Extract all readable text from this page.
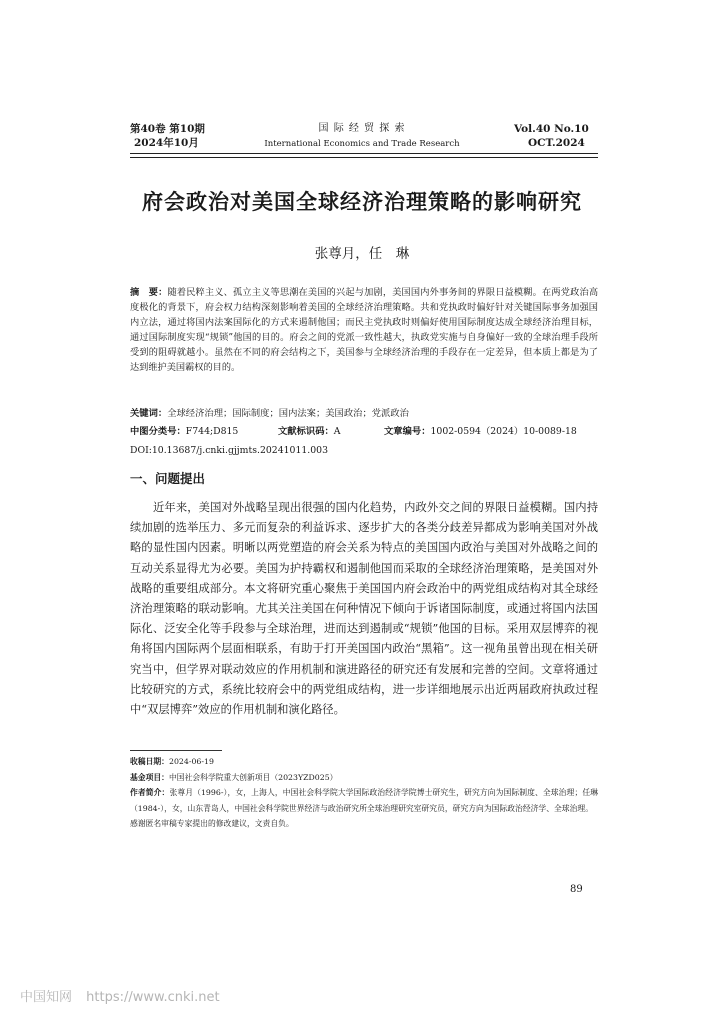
第40卷 第10期
2024年10月
国 际 经 贸 探 索
International Economics and Trade Research
Vol.40 No.10
OCT.2024
府会政治对美国全球经济治理策略的影响研究
张尊月，任　琳
摘　要：随着民粹主义、孤立主义等思潮在美国的兴起与加剧，美国国内外事务间的界限日益模糊。在两党政治高度极化的背景下，府会权力结构深刻影响着美国的全球经济治理策略。共和党执政时偏好针对关键国际事务加强国内立法，通过将国内法案国际化的方式来遏制他国；而民主党执政时则偏好使用国际制度达成全球经济治理目标，通过国际制度实现“规锁”他国的目的。府会之间的党派一致性越大，执政党实施与自身偏好一致的全球治理手段所受到的阻碍就越小。虽然在不同的府会结构之下，美国参与全球经济治理的手段存在一定差异，但本质上都是为了达到维护美国霸权的目的。
关键词：全球经济治理；国际制度；国内法案；美国政治；党派政治
中图分类号：F744;D815	文献标识码：A	文章编号：1002-0594（2024）10-0089-18
DOI:10.13687/j.cnki.gjjmts.20241011.003
一、问题提出
近年来，美国对外战略呈现出很强的国内化趋势，内政外交之间的界限日益模糊。国内持续加剧的选举压力、多元而复杂的利益诉求、逐步扩大的各类分歧差异都成为影响美国对外战略的显性国内因素。明晰以两党塑造的府会关系为特点的美国国内政治与美国对外战略之间的互动关系显得尤为必要。美国为护持霸权和遏制他国而采取的全球经济治理策略，是美国对外战略的重要组成部分。本文将研究重心聚焦于美国国内府会政治中的两党组成结构对其全球经济治理策略的联动影响。尤其关注美国在何种情况下倾向于诉诸国际制度，或通过将国内法国际化、泛安全化等手段参与全球治理，进而达到遏制或“规锁”他国的目标。采用双层博弈的视角将国内国际两个层面相联系，有助于打开美国国内政治“黑箱”。这一视角虽曾出现在相关研究当中，但学界对联动效应的作用机制和演进路径的研究还有发展和完善的空间。文章将通过比较研究的方式，系统比较府会中的两党组成结构，进一步详细地展示出近两届政府执政过程中“双层博弈”效应的作用机制和演化路径。

收稿日期：2024-06-19

基金项目：中国社会科学院重大创新项目（2023YZD025）

作者简介：张尊月（1996-），女，上海人，中国社会科学院大学国际政治经济学院博士研究生，研究方向为国际制度、全球治理；任琳（1984-），女，山东青岛人，中国社会科学院世界经济与政治研究所全球治理研究室研究员，研究方向为国际政治经济学、全球治理。

感谢匿名审稿专家提出的修改建议，文责自负。

89
中国知网 https://www.cnki.net
